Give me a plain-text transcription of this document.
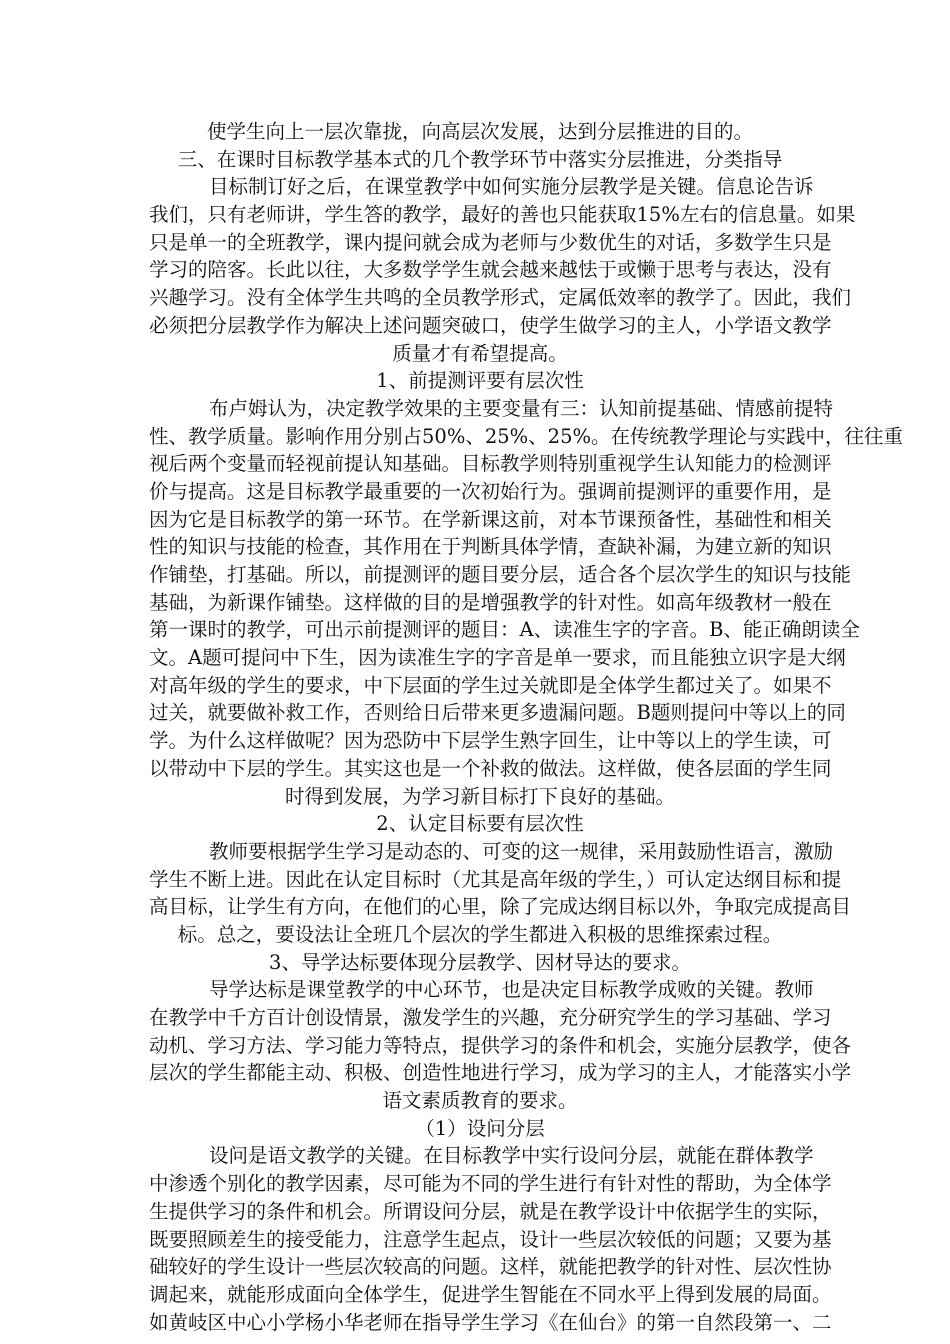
使学生向上一层次靠拢，向高层次发展，达到分层推进的目的。
三、在课时目标教学基本式的几个教学环节中落实分层推进，分类指导
目标制订好之后，在课堂教学中如何实施分层教学是关键。信息论告诉
我们，只有老师讲，学生答的教学，最好的善也只能获取15%左右的信息量。如果
只是单一的全班教学，课内提问就会成为老师与少数优生的对话，多数学生只是
学习的陪客。长此以往，大多数学学生就会越来越怯于或懒于思考与表达，没有
兴趣学习。没有全体学生共鸣的全员教学形式，定属低效率的教学了。因此，我们
必须把分层教学作为解决上述问题突破口，使学生做学习的主人，小学语文教学
质量才有希望提高。
1、前提测评要有层次性
布卢姆认为，决定教学效果的主要变量有三：认知前提基础、情感前提特
性、教学质量。影响作用分别占50%、25%、25%。在传统教学理论与实践中，往往重
视后两个变量而轻视前提认知基础。目标教学则特别重视学生认知能力的检测评
价与提高。这是目标教学最重要的一次初始行为。强调前提测评的重要作用，是
因为它是目标教学的第一环节。在学新课这前，对本节课预备性，基础性和相关
性的知识与技能的检查，其作用在于判断具体学情，查缺补漏，为建立新的知识
作铺垫，打基础。所以，前提测评的题目要分层，适合各个层次学生的知识与技能
基础，为新课作铺垫。这样做的目的是增强教学的针对性。如高年级教材一般在
第一课时的教学，可出示前提测评的题目：A、读准生字的字音。B、能正确朗读全
文。A题可提问中下生，因为读准生字的字音是单一要求，而且能独立识字是大纲
对高年级的学生的要求，中下层面的学生过关就即是全体学生都过关了。如果不
过关，就要做补救工作，否则给日后带来更多遗漏问题。B题则提问中等以上的同
学。为什么这样做呢？因为恐防中下层学生熟字回生，让中等以上的学生读，可
以带动中下层的学生。其实这也是一个补救的做法。这样做，使各层面的学生同
时得到发展，为学习新目标打下良好的基础。
2、认定目标要有层次性
教师要根据学生学习是动态的、可变的这一规律，采用鼓励性语言，激励
学生不断上进。因此在认定目标时（尤其是高年级的学生，）可认定达纲目标和提
高目标，让学生有方向，在他们的心里，除了完成达纲目标以外，争取完成提高目
标。总之，要设法让全班几个层次的学生都进入积极的思维探索过程。
3、导学达标要体现分层教学、因材导达的要求。
导学达标是课堂教学的中心环节，也是决定目标教学成败的关键。教师
在教学中千方百计创设情景，激发学生的兴趣，充分研究学生的学习基础、学习
动机、学习方法、学习能力等特点，提供学习的条件和机会，实施分层教学，使各
层次的学生都能主动、积极、创造性地进行学习，成为学习的主人，才能落实小学
语文素质教育的要求。
（1）设问分层
设问是语文教学的关键。在目标教学中实行设问分层，就能在群体教学
中渗透个别化的教学因素，尽可能为不同的学生进行有针对性的帮助，为全体学
生提供学习的条件和机会。所谓设问分层，就是在教学设计中依据学生的实际，
既要照顾差生的接受能力，注意学生起点，设计一些层次较低的问题；又要为基
础较好的学生设计一些层次较高的问题。这样，就能把教学的针对性、层次性协
调起来，就能形成面向全体学生，促进学生智能在不同水平上得到发展的局面。
如黄岐区中心小学杨小华老师在指导学生学习《在仙台》的第一自然段第一、二
